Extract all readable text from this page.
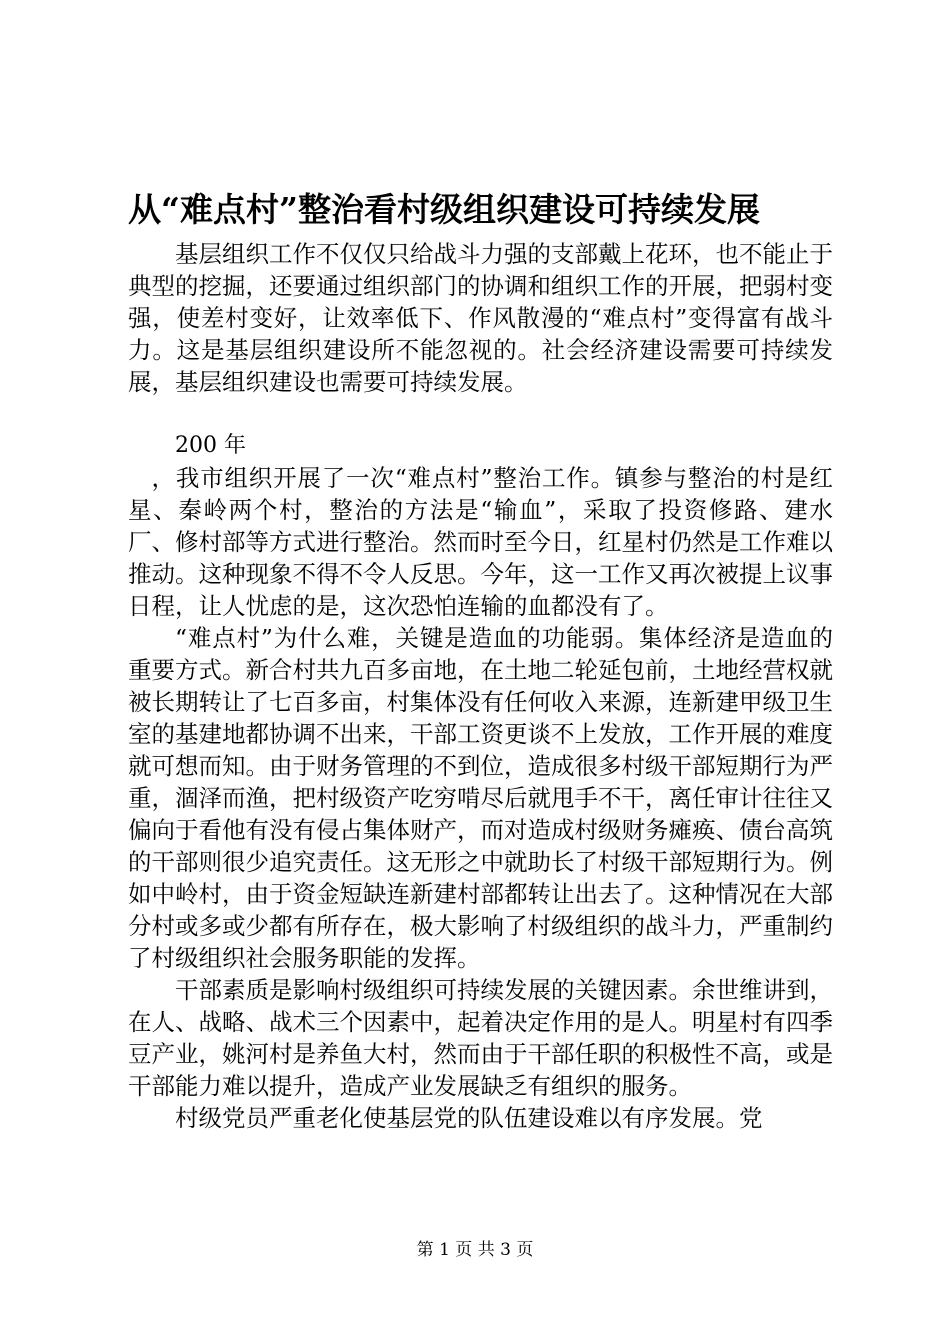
从“难点村”整治看村级组织建设可持续发展

基层组织工作不仅仅只给战斗力强的支部戴上花环，也不能止于典型的挖掘，还要通过组织部门的协调和组织工作的开展，把弱村变强，使差村变好，让效率低下、作风散漫的“难点村”变得富有战斗力。这是基层组织建设所不能忽视的。社会经济建设需要可持续发展，基层组织建设也需要可持续发展。

200 年

，我市组织开展了一次“难点村”整治工作。镇参与整治的村是红星、秦岭两个村，整治的方法是“输血”，采取了投资修路、建水厂、修村部等方式进行整治。然而时至今日，红星村仍然是工作难以推动。这种现象不得不令人反思。今年，这一工作又再次被提上议事日程，让人忧虑的是，这次恐怕连输的血都没有了。

“难点村”为什么难，关键是造血的功能弱。集体经济是造血的重要方式。新合村共九百多亩地，在土地二轮延包前，土地经营权就被长期转让了七百多亩，村集体没有任何收入来源，连新建甲级卫生室的基建地都协调不出来，干部工资更谈不上发放，工作开展的难度就可想而知。由于财务管理的不到位，造成很多村级干部短期行为严重，涸泽而渔，把村级资产吃穷啃尽后就甩手不干，离任审计往往又偏向于看他有没有侵占集体财产，而对造成村级财务瘫痪、债台高筑的干部则很少追究责任。这无形之中就助长了村级干部短期行为。例如中岭村，由于资金短缺连新建村部都转让出去了。这种情况在大部分村或多或少都有所存在，极大影响了村级组织的战斗力，严重制约了村级组织社会服务职能的发挥。

干部素质是影响村级组织可持续发展的关键因素。余世维讲到，在人、战略、战术三个因素中，起着决定作用的是人。明星村有四季豆产业，姚河村是养鱼大村，然而由于干部任职的积极性不高，或是干部能力难以提升，造成产业发展缺乏有组织的服务。

村级党员严重老化使基层党的队伍建设难以有序发展。党

第 1 页 共 3 页
